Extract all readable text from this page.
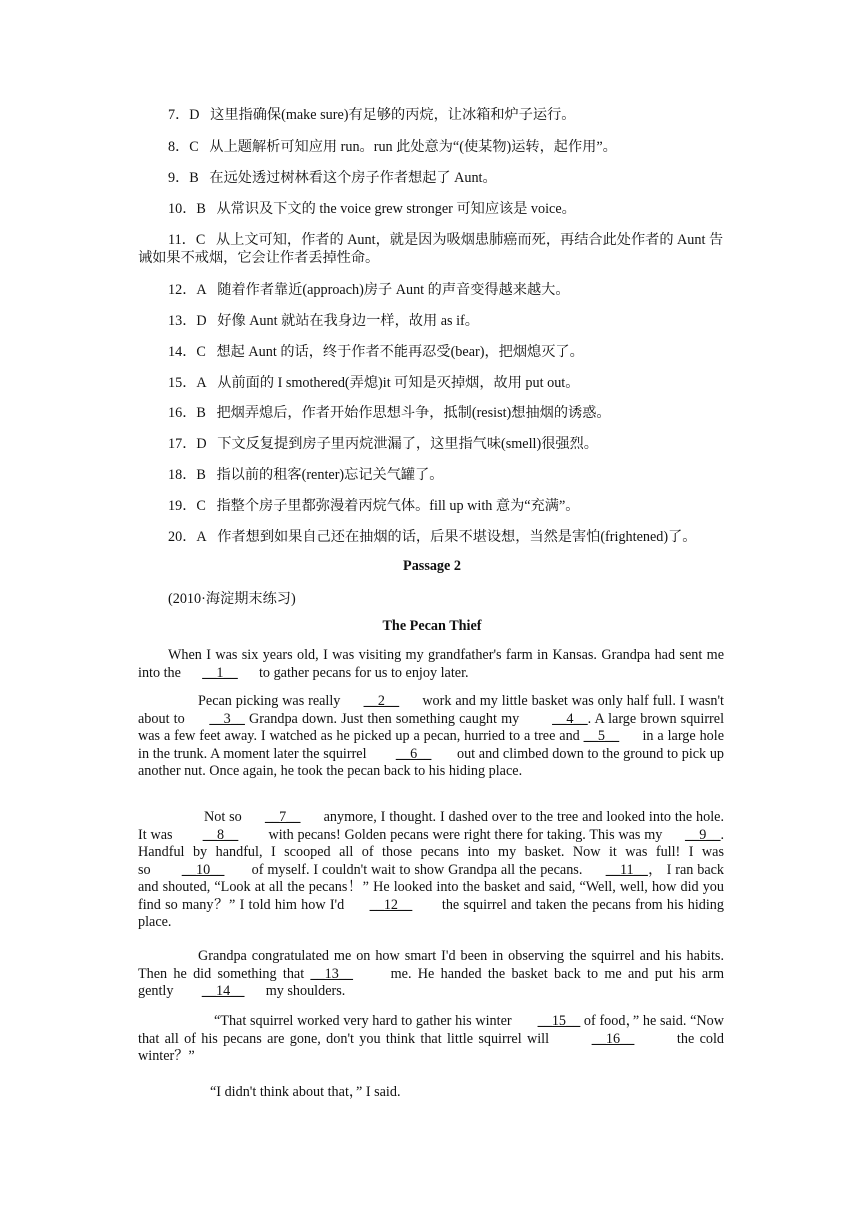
7．D 这里指确保(make sure)有足够的丙烷，让冰箱和炉子运行。
8．C 从上题解析可知应用 run。run 此处意为“(使某物)运转，起作用”。
9．B 在远处透过树林看这个房子作者想起了 Aunt。
10．B 从常识及下文的 the voice grew stronger 可知应该是 voice。
11．C 从上文可知，作者的 Aunt，就是因为吸烟患肺癌而死，再结合此处作者的 Aunt 告诫如果不戒烟，它会让作者丢掉性命。
12．A 随着作者靠近(approach)房子 Aunt 的声音变得越来越大。
13．D 好像 Aunt 就站在我身边一样，故用 as if。
14．C 想起 Aunt 的话，终于作者不能再忍受(bear)，把烟熄灭了。
15．A 从前面的 I smothered(弄熄)it 可知是灭掉烟，故用 put out。
16．B 把烟弄熄后，作者开始作思想斗争，抵制(resist)想抽烟的诱惑。
17．D 下文反复提到房子里丙烷泄漏了，这里指气味(smell)很强烈。
18．B 指以前的租客(renter)忘记关气罐了。
19．C 指整个房子里都弥漫着丙烷气体。fill up with 意为“充满”。
20．A 作者想到如果自己还在抽烟的话，后果不堪设想，当然是害怕(frightened)了。
Passage 2
(2010·海淀期末练习)
The Pecan Thief
When I was six years old, I was visiting my grandfather's farm in Kansas. Grandpa had sent me into the __1__ to gather pecans for us to enjoy later.
Pecan picking was really __2__ work and my little basket was only half full. I wasn't about to __3__ Grandpa down. Just then something caught my __4__. A large brown squirrel was a few feet away. I watched as he picked up a pecan, hurried to a tree and __5__ in a large hole in the trunk. A moment later the squirrel __6__ out and climbed down to the ground to pick up another nut. Once again, he took the pecan back to his hiding place.
Not so __7__ anymore, I thought. I dashed over to the tree and looked into the hole. It was __8__ with pecans! Golden pecans were right there for taking. This was my __9__. Handful by handful, I scooped all of those pecans into my basket. Now it was full! I was so __10__ of myself. I couldn't wait to show Grandpa all the pecans. __11__， I ran back and shouted, “Look at all the pecans！” He looked into the basket and said, “Well, well, how did you find so many？” I told him how I'd __12__ the squirrel and taken the pecans from his hiding place.
Grandpa congratulated me on how smart I'd been in observing the squirrel and his habits. Then he did something that __13__	me. He handed the basket back to me and put his arm gently __14__ my shoulders.
“That squirrel worked very hard to gather his winter __15__ of food，” he said. “Now that all of his pecans are gone, don't you think that little squirrel will	__16__	the cold winter？”
“I didn't think about that，” I said.
